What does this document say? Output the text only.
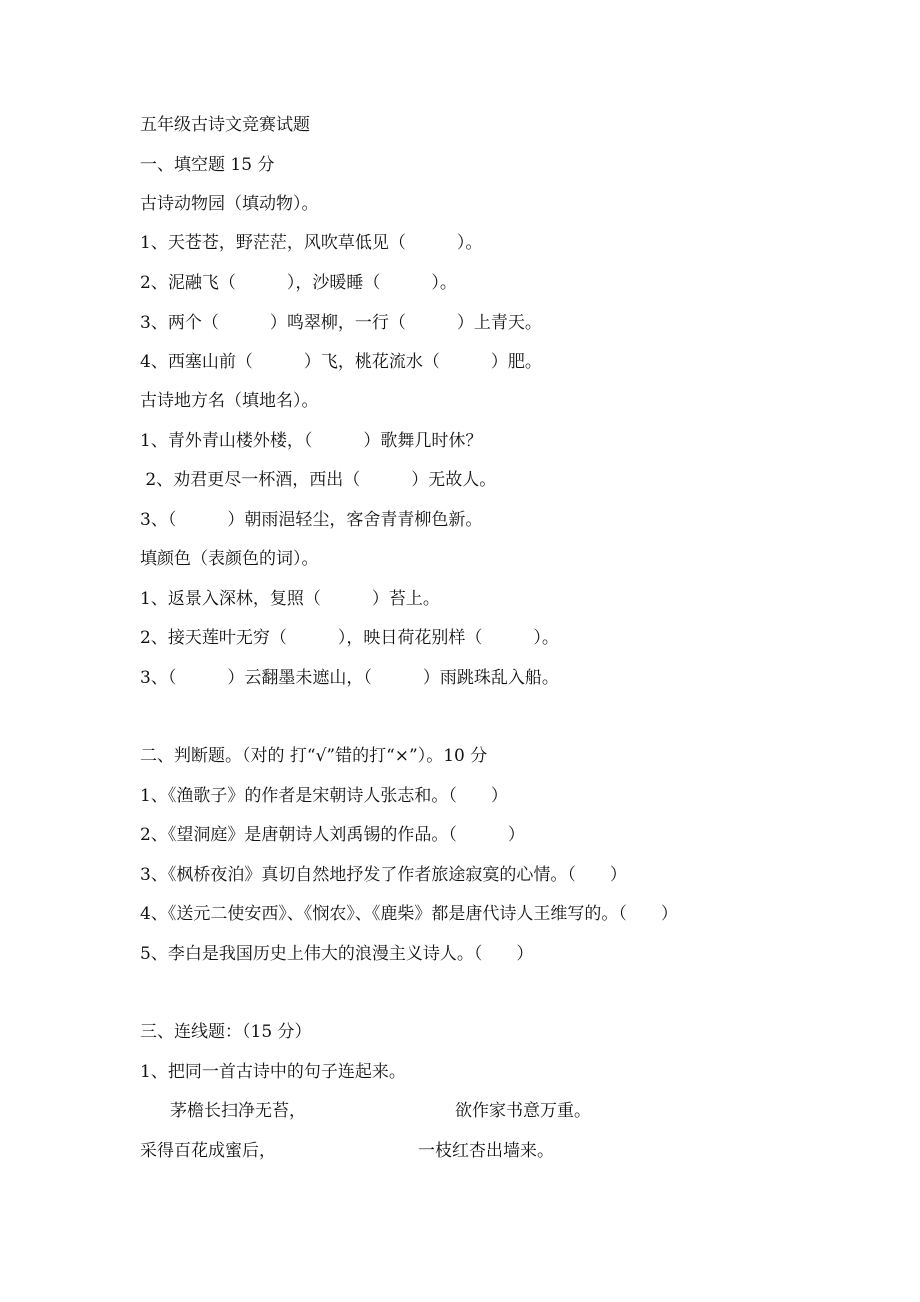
五年级古诗文竞赛试题
一、填空题 15 分
古诗动物园（填动物）。
1、天苍苍，野茫茫，风吹草低见（　　　）。
2、泥融飞（　　　），沙暖睡（　　　）。
3、两个（　　　）鸣翠柳，一行（　　　）上青天。
4、西塞山前（　　　）飞，桃花流水（　　　）肥。
古诗地方名（填地名）。
1、青外青山楼外楼，（　　　）歌舞几时休？
2、劝君更尽一杯酒，西出（　　　）无故人。
3、（　　　）朝雨浥轻尘，客舍青青柳色新。
填颜色（表颜色的词）。
1、返景入深林，复照（　　　）苔上。
2、接天莲叶无穷（　　　），映日荷花别样（　　　）。
3、（　　　）云翻墨未遮山，（　　　）雨跳珠乱入船。
二、判断题。（对的 打“√”错的打“×”）。10 分
1、《渔歌子》的作者是宋朝诗人张志和。（　　）
2、《望洞庭》是唐朝诗人刘禹锡的作品。（　　　）
3、《枫桥夜泊》真切自然地抒发了作者旅途寂寞的心情。（　　）
4、《送元二使安西》、《悯农》、《鹿柴》都是唐代诗人王维写的。（　　）
5、李白是我国历史上伟大的浪漫主义诗人。（　　）
三、连线题：（15 分）
1、把同一首古诗中的句子连起来。
茅檐长扫净无苔，	欲作家书意万重。
采得百花成蜜后，	一枝红杏出墙来。
